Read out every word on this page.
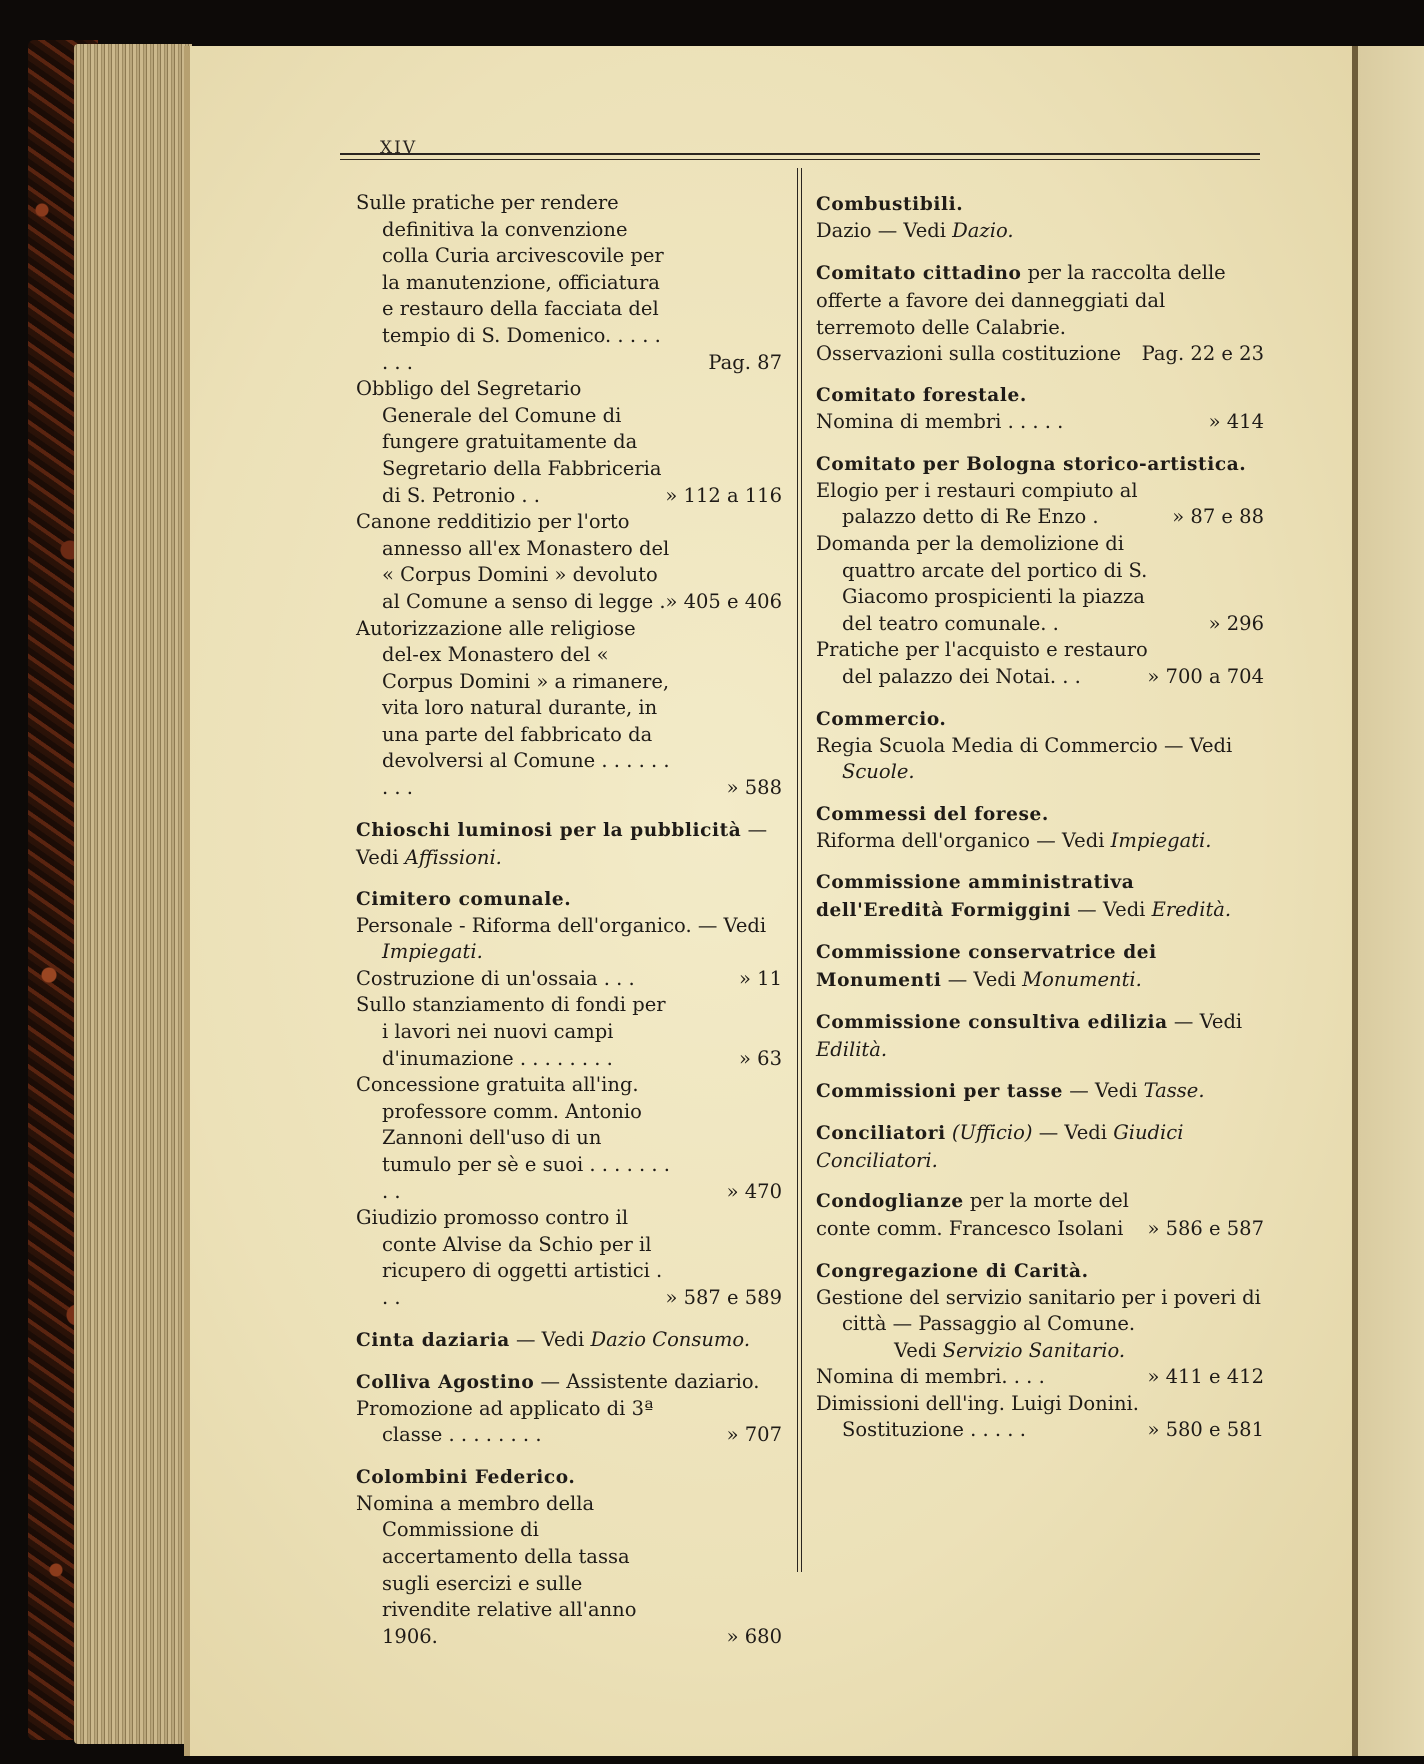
XIV
Sulle pratiche per rendere definitiva la convenzione colla Curia arcivescovile per la manutenzione, officiatura e restauro della facciata del tempio di S. Domenico. . . . . . . .	Pag. 87
Obbligo del Segretario Generale del Comune di fungere gratuitamente da Segretario della Fabbriceria di S. Petronio . .	» 112 a 116
Canone redditizio per l'orto annesso all'ex Monastero del « Corpus Domini » devoluto al Comune a senso di legge . » 405 e 406
Autorizzazione alle religiose del-ex Monastero del « Corpus Domini » a rimanere, vita loro natural durante, in una parte del fabbricato da devolversi al Comune . . . . . . . . .	» 588
Chioschi luminosi per la pubblicità — Vedi Affissioni.
Cimitero comunale.
Personale - Riforma dell'organico. — Vedi Impiegati.
Costruzione di un'ossaia . . .	» 11
Sullo stanziamento di fondi per i lavori nei nuovi campi d'inumazione . . . . . . . .	» 63
Concessione gratuita all'ing. professore comm. Antonio Zannoni dell'uso di un tumulo per sè e suoi . . . . . . . . .	» 470
Giudizio promosso contro il conte Alvise da Schio per il ricupero di oggetti artistici . . .	» 587 e 589
Cinta daziaria — Vedi Dazio Consumo.
Colliva Agostino — Assistente daziario.
Promozione ad applicato di 3ª classe . . . . . . . .	» 707
Colombini Federico.
Nomina a membro della Commissione di accertamento della tassa sugli esercizi e sulle rivendite relative all'anno 1906.	» 680
Combustibili.
Dazio — Vedi Dazio.
Comitato cittadino per la raccolta delle offerte a favore dei danneggiati dal terremoto delle Calabrie.
Osservazioni sulla costituzione	Pag. 22 e 23
Comitato forestale.
Nomina di membri . . . . .	» 414
Comitato per Bologna storico-artistica.
Elogio per i restauri compiuto al palazzo detto di Re Enzo .	» 87 e 88
Domanda per la demolizione di quattro arcate del portico di S. Giacomo prospicienti la piazza del teatro comunale. .	» 296
Pratiche per l'acquisto e restauro del palazzo dei Notai. . .	» 700 a 704
Commercio.
Regia Scuola Media di Commercio — Vedi Scuole.
Commessi del forese.
Riforma dell'organico — Vedi Impiegati.
Commissione amministrativa dell'Eredità Formiggini — Vedi Eredità.
Commissione conservatrice dei Monumenti — Vedi Monumenti.
Commissione consultiva edilizia — Vedi Edilità.
Commissioni per tasse — Vedi Tasse.
Conciliatori (Ufficio) — Vedi Giudici Conciliatori.
Condoglianze per la morte del conte comm. Francesco Isolani	» 586 e 587
Congregazione di Carità.
Gestione del servizio sanitario per i poveri di città — Passaggio al Comune.
Vedi Servizio Sanitario.
Nomina di membri. . . .	» 411 e 412
Dimissioni dell'ing. Luigi Donini. Sostituzione . . . . .	» 580 e 581
